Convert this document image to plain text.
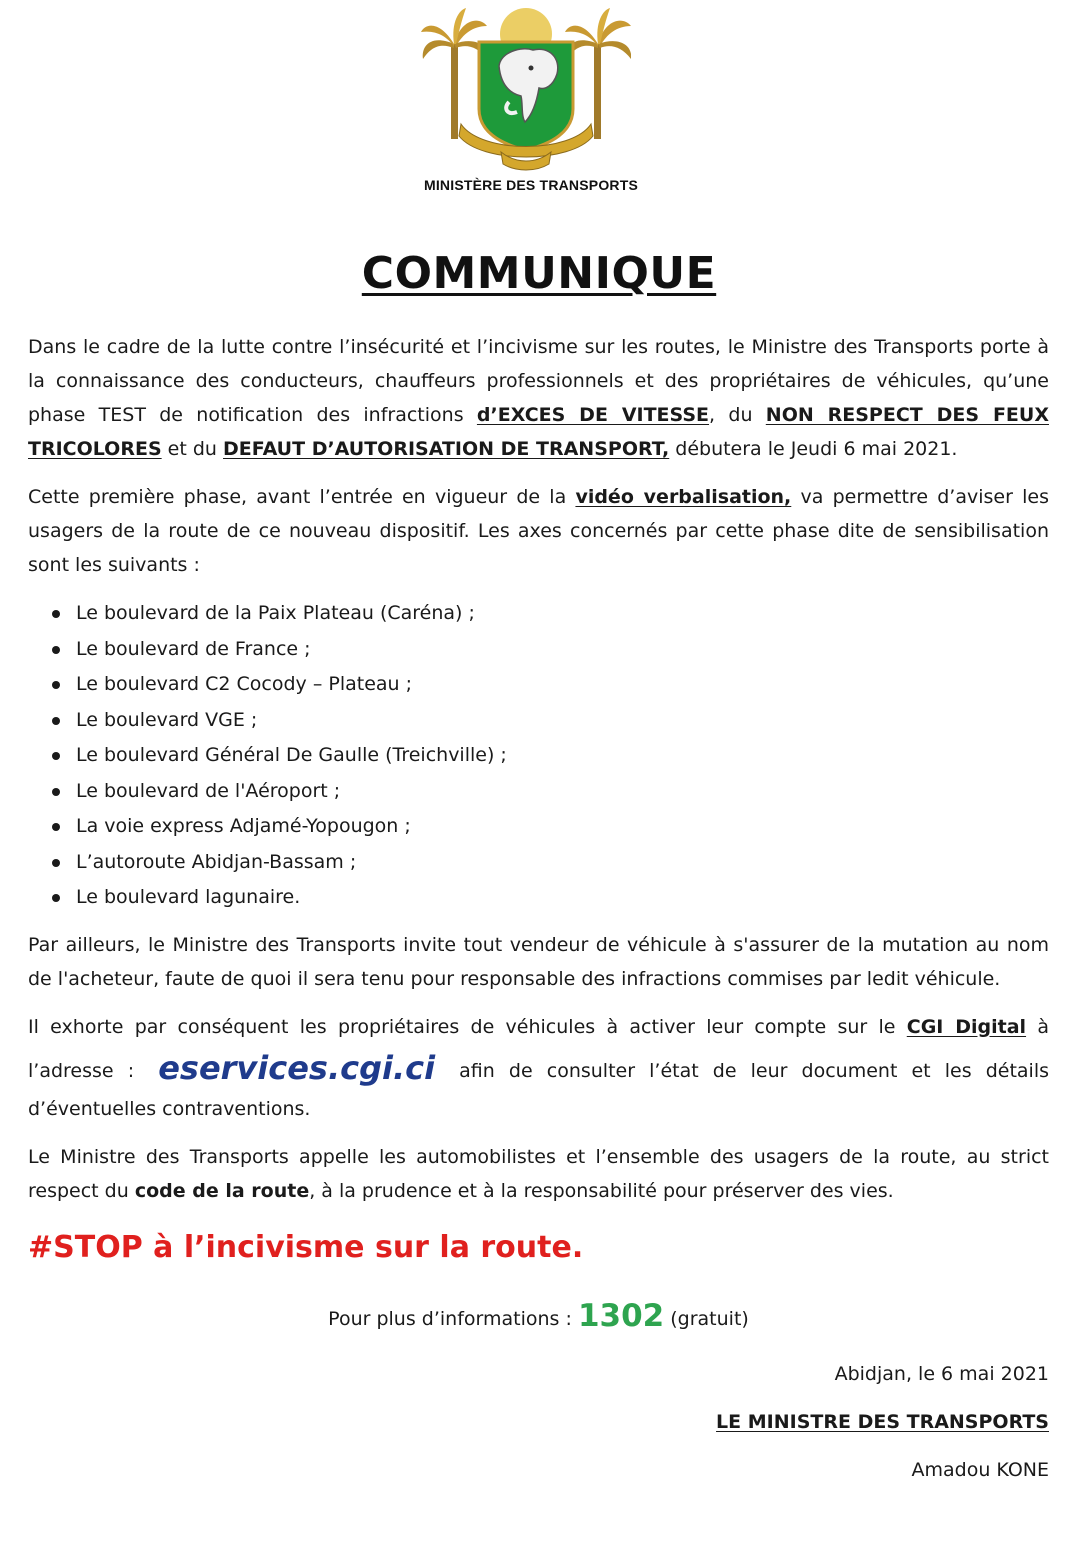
MINISTÈRE DES TRANSPORTS
COMMUNIQUE

Dans le cadre de la lutte contre l’insécurité et l’incivisme sur les routes, le Ministre des Transports porte à la connaissance des conducteurs, chauffeurs professionnels et des propriétaires de véhicules, qu’une phase TEST de notification des infractions d’EXCES DE VITESSE, du NON RESPECT DES FEUX TRICOLORES et du DEFAUT D’AUTORISATION DE TRANSPORT, débutera le Jeudi 6 mai 2021.

Cette première phase, avant l’entrée en vigueur de la vidéo verbalisation, va permettre d’aviser les usagers de la route de ce nouveau dispositif. Les axes concernés par cette phase dite de sensibilisation sont les suivants :

Le boulevard de la Paix Plateau (Caréna) ;
Le boulevard de France ;
Le boulevard C2 Cocody – Plateau ;
Le boulevard VGE ;
Le boulevard Général De Gaulle (Treichville) ;
Le boulevard de l'Aéroport ;
La voie express Adjamé-Yopougon ;
L’autoroute Abidjan-Bassam ;
Le boulevard lagunaire.

Par ailleurs, le Ministre des Transports invite tout vendeur de véhicule à s'assurer de la mutation au nom de l'acheteur, faute de quoi il sera tenu pour responsable des infractions commises par ledit véhicule.

Il exhorte par conséquent les propriétaires de véhicules à activer leur compte sur le CGI Digital à l’adresse : eservices.cgi.ci afin de consulter l’état de leur document et les détails d’éventuelles contraventions.

Le Ministre des Transports appelle les automobilistes et l’ensemble des usagers de la route, au strict respect du code de la route, à la prudence et à la responsabilité pour préserver des vies.

#STOP à l’incivisme sur la route.
Pour plus d’informations : 1302 (gratuit)
Abidjan, le 6 mai 2021
LE MINISTRE DES TRANSPORTS
Amadou KONE
